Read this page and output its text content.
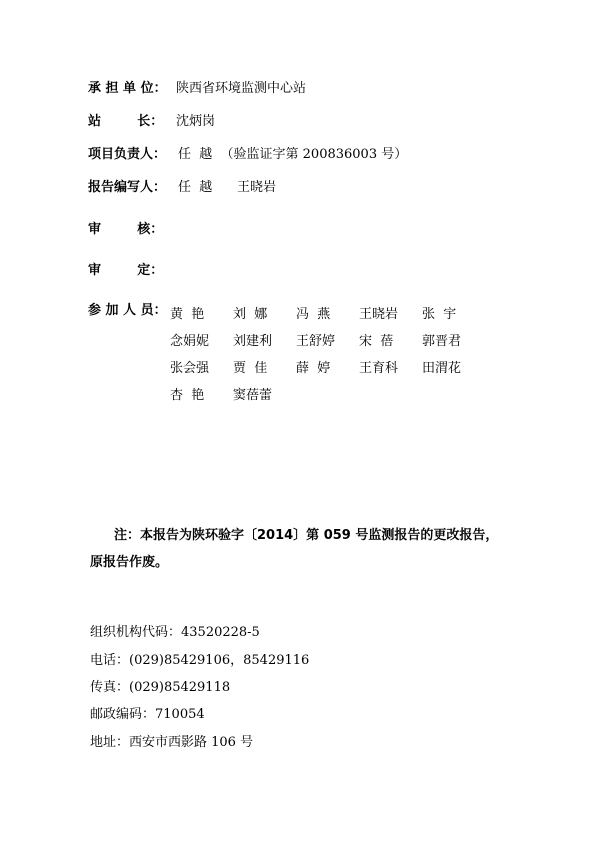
承 担 单 位： 陕西省环境监测中心站
站        长： 沈炳岗
项目负责人： 任  越  （验监证字第 200836003 号）
报告编写人： 任  越      王晓岩
审        核：
审        定：
参 加 人 员： 黄  艳 刘  娜 冯  燕 王晓岩 张  宇
念娟妮 刘建利 王舒婷 宋  蓓 郭晋君
张会强 贾  佳 薛  婷 王育科 田渭花
杏  艳 窦蓓蕾
注：本报告为陕环验字〔2014〕第 059 号监测报告的更改报告，
原报告作废。
组织机构代码：43520228-5
电话：(029)85429106，85429116
传真：(029)85429118
邮政编码：710054
地址：西安市西影路 106 号
